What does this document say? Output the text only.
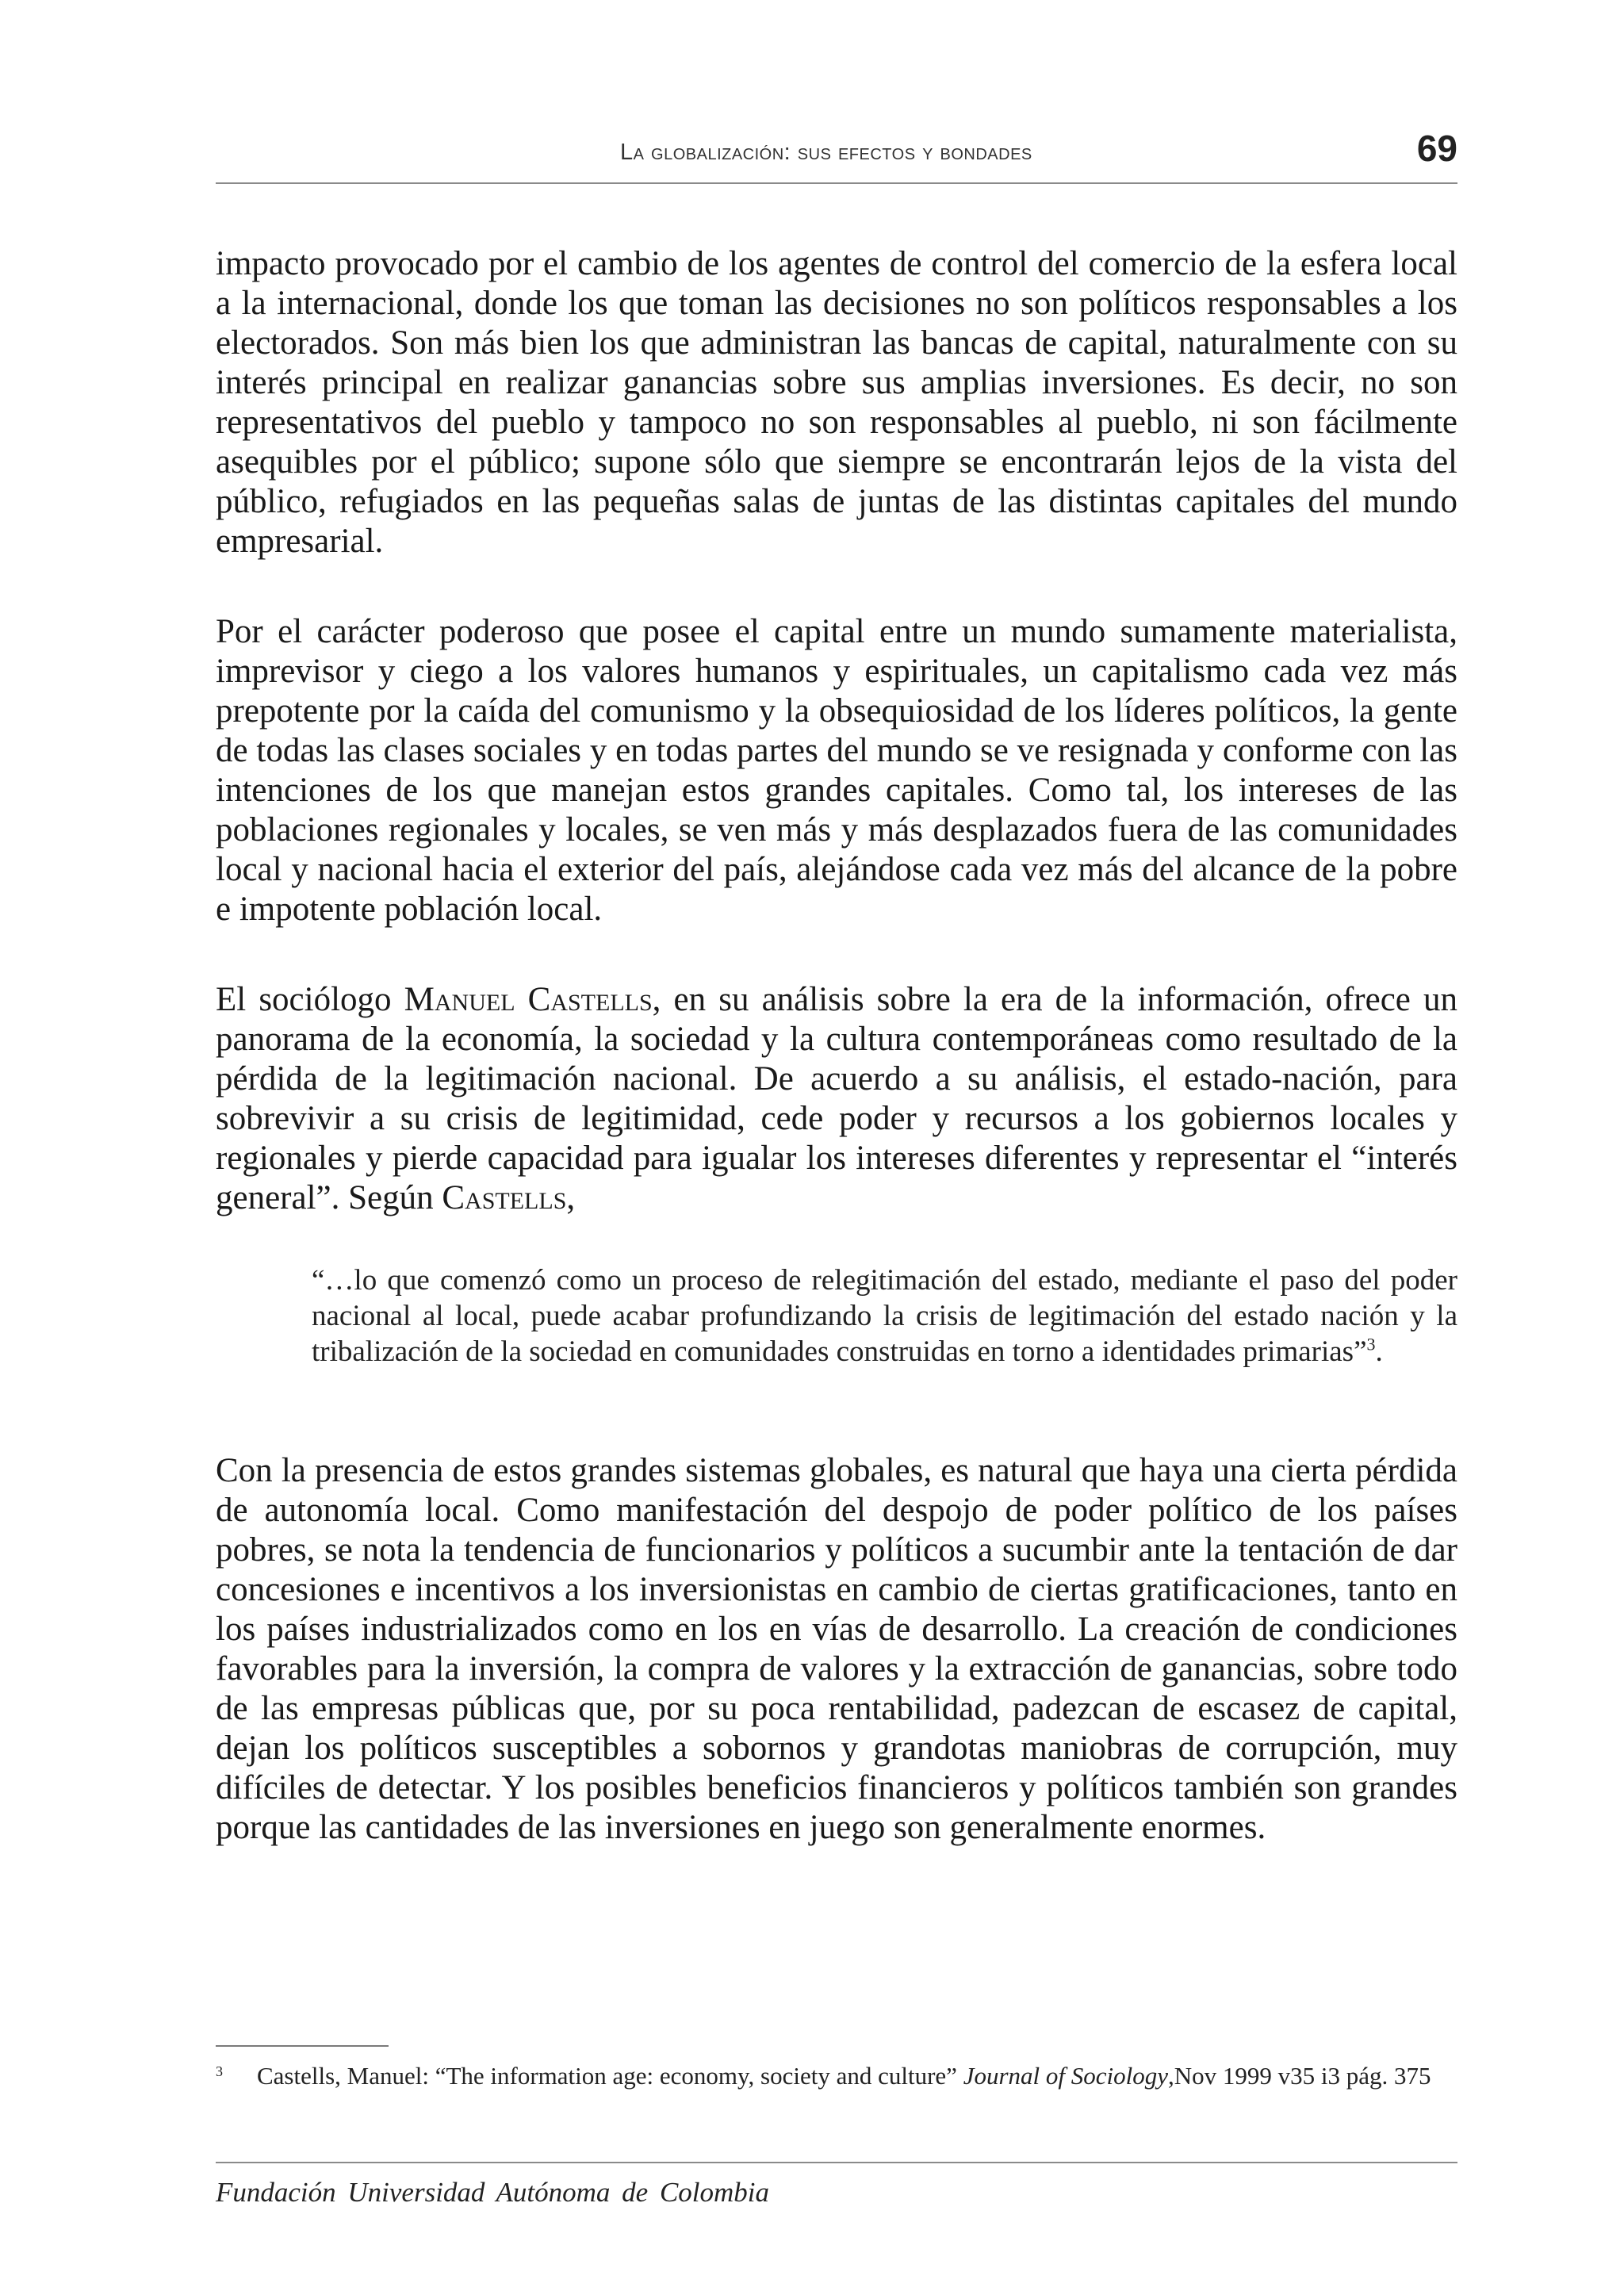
La globalización: sus efectos y bondades	69

impacto provocado por el cambio de los agentes de control del comercio de la esfera local a la internacional, donde los que toman las decisiones no son políticos responsables a los electorados. Son más bien los que administran las bancas de capital, naturalmente con su interés principal en realizar ganancias sobre sus amplias inversiones. Es decir, no son representativos del pueblo y tampoco no son responsables al pueblo, ni son fácilmente asequibles por el público; supone sólo que siempre se encontrarán lejos de la vista del público, refugiados en las pequeñas salas de juntas de las distintas capitales del mundo empresarial.

Por el carácter poderoso que posee el capital entre un mundo sumamente materialista, imprevisor y ciego a los valores humanos y espirituales, un capitalismo cada vez más prepotente por la caída del comunismo y la obsequiosidad de los líderes políticos, la gente de todas las clases sociales y en todas partes del mundo se ve resignada y conforme con las intenciones de los que manejan estos grandes capitales. Como tal, los intereses de las poblaciones regionales y locales, se ven más y más desplazados fuera de las comunidades local y nacional hacia el exterior del país, alejándose cada vez más del alcance de la pobre e impotente población local.

El sociólogo Manuel Castells, en su análisis sobre la era de la información, ofrece un panorama de la economía, la sociedad y la cultura contemporáneas como resultado de la pérdida de la legitimación nacional. De acuerdo a su análisis, el estado-nación, para sobrevivir a su crisis de legitimidad, cede poder y recursos a los gobiernos locales y regionales y pierde capacidad para igualar los intereses diferentes y representar el “interés general”. Según Castells,

“…lo que comenzó como un proceso de relegitimación del estado, mediante el paso del poder nacional al local, puede acabar profundizando la crisis de legitimación del estado nación y la tribalización de la sociedad en comunidades construidas en torno a identidades primarias”$^3$.

Con la presencia de estos grandes sistemas globales, es natural que haya una cierta pérdida de autonomía local. Como manifestación del despojo de poder político de los países pobres, se nota la tendencia de funcionarios y políticos a sucumbir ante la tentación de dar concesiones e incentivos a los inversionistas en cambio de ciertas gratificaciones, tanto en los países industrializados como en los en vías de desarrollo. La creación de condiciones favorables para la inversión, la compra de valores y la extracción de ganancias, sobre todo de las empresas públicas que, por su poca rentabilidad, padezcan de escasez de capital, dejan los políticos susceptibles a sobornos y grandotas maniobras de corrupción, muy difíciles de detectar. Y los posibles beneficios financieros y políticos también son grandes porque las cantidades de las inversiones en juego son generalmente enormes.

3 Castells, Manuel: “The information age: economy, society and culture” Journal of Sociology,Nov 1999 v35 i3 pág. 375
Fundación Universidad Autónoma de Colombia
